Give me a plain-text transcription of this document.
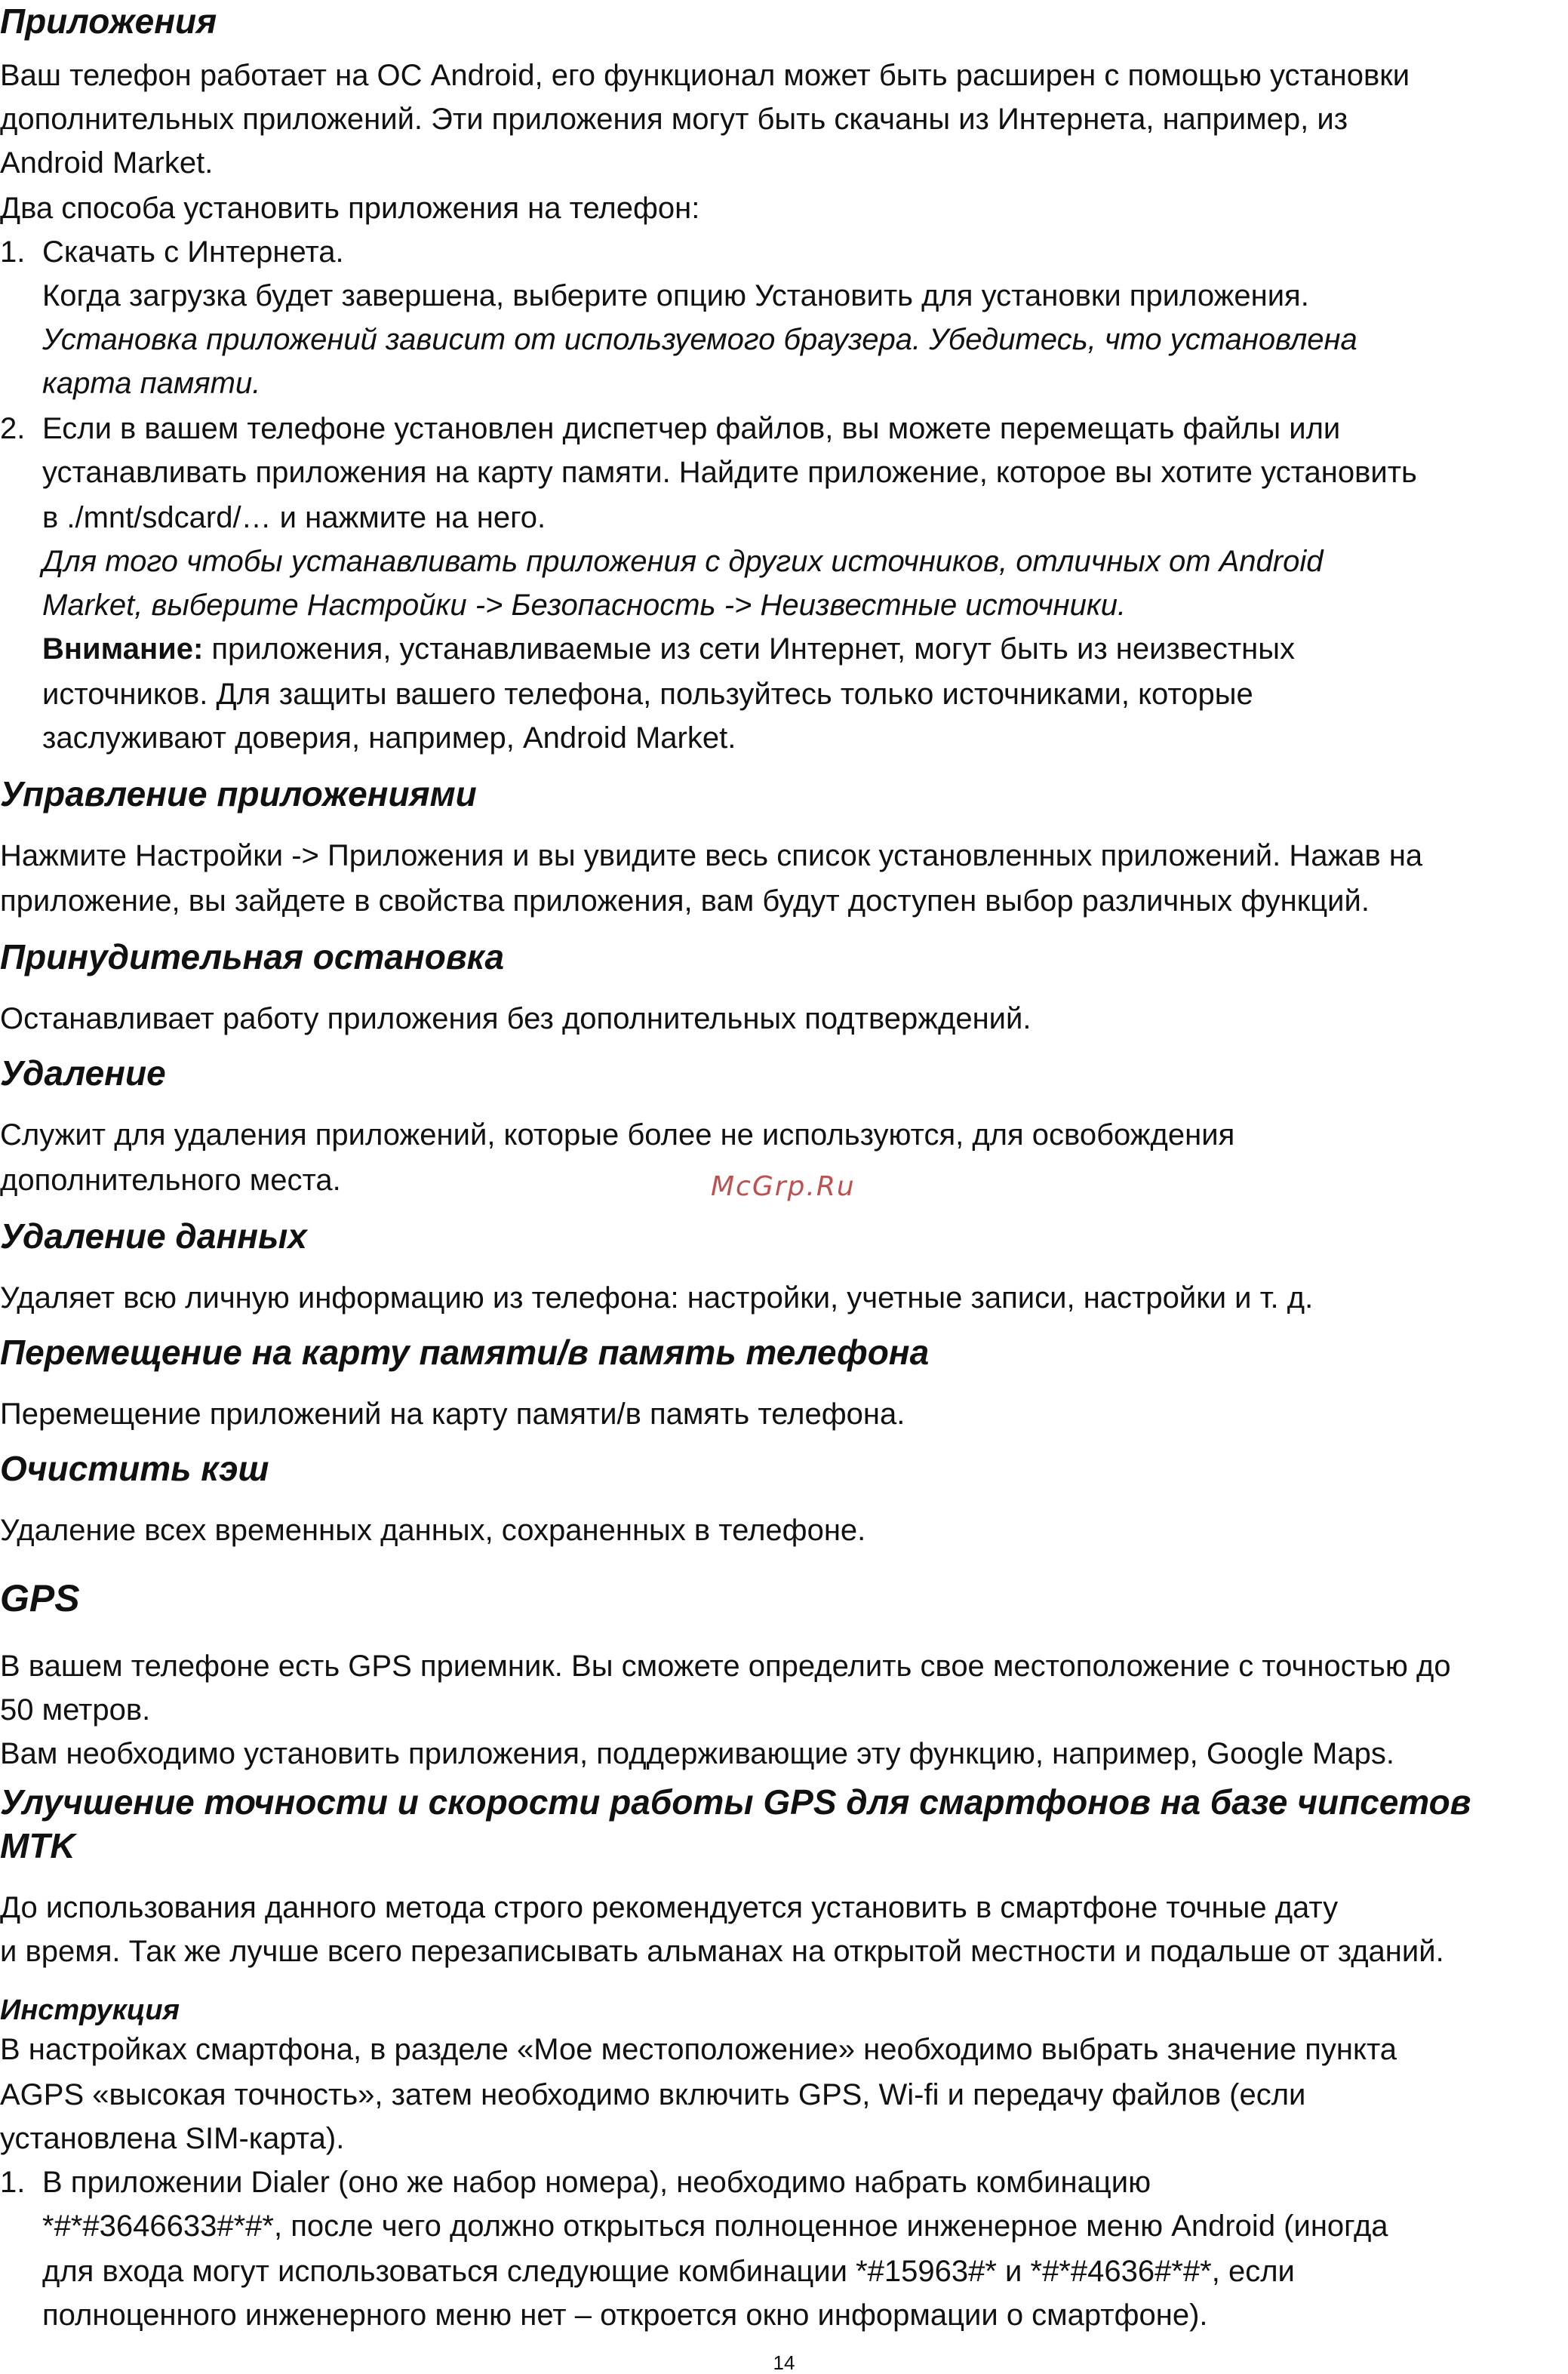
Приложения
Ваш телефон работает на ОС Android, его функционал может быть расширен с помощью установки
дополнительных приложений. Эти приложения могут быть скачаны из Интернета, например, из
Android Market.
Два способа установить приложения на телефон:
1. Скачать с Интернета.
Когда загрузка будет завершена, выберите опцию Установить для установки приложения.
Установка приложений зависит от используемого браузера. Убедитесь, что установлена
карта памяти.
2. Если в вашем телефоне установлен диспетчер файлов, вы можете перемещать файлы или
устанавливать приложения на карту памяти. Найдите приложение, которое вы хотите установить
в ./mnt/sdcard/… и нажмите на него.
Для того чтобы устанавливать приложения с других источников, отличных от Android
Market, выберите Настройки -> Безопасность -> Неизвестные источники.
Внимание: приложения, устанавливаемые из сети Интернет, могут быть из неизвестных
источников. Для защиты вашего телефона, пользуйтесь только источниками, которые
заслуживают доверия, например, Android Market.
Управление приложениями
Нажмите Настройки -> Приложения и вы увидите весь список установленных приложений. Нажав на
приложение, вы зайдете в свойства приложения, вам будут доступен выбор различных функций.
Принудительная остановка
Останавливает работу приложения без дополнительных подтверждений.
Удаление
Служит для удаления приложений, которые более не используются, для освобождения
дополнительного места.	McGrp.Ru
Удаление данных
Удаляет всю личную информацию из телефона: настройки, учетные записи, настройки и т. д.
Перемещение на карту памяти/в память телефона
Перемещение приложений на карту памяти/в память телефона.
Очистить кэш
Удаление всех временных данных, сохраненных в телефоне.
GPS
В вашем телефоне есть GPS приемник. Вы сможете определить свое местоположение с точностью до
50 метров.
Вам необходимо установить приложения, поддерживающие эту функцию, например, Google Maps.
Улучшение точности и скорости работы GPS для смартфонов на базе чипсетов
MTK
До использования данного метода строго рекомендуется установить в смартфоне точные дату
и время. Так же лучше всего перезаписывать альманах на открытой местности и подальше от зданий.
Инструкция
В настройках смартфона, в разделе «Мое местоположение» необходимо выбрать значение пункта
AGPS «высокая точность», затем необходимо включить GPS, Wi-fi и передачу файлов (если
установлена SIM-карта).
1. В приложении Dialer (оно же набор номера), необходимо набрать комбинацию
*#*#3646633#*#*, после чего должно открыться полноценное инженерное меню Android (иногда
для входа могут использоваться следующие комбинации *#15963#* и *#*#4636#*#*, если
полноценного инженерного меню нет – откроется окно информации о смартфоне).
14
